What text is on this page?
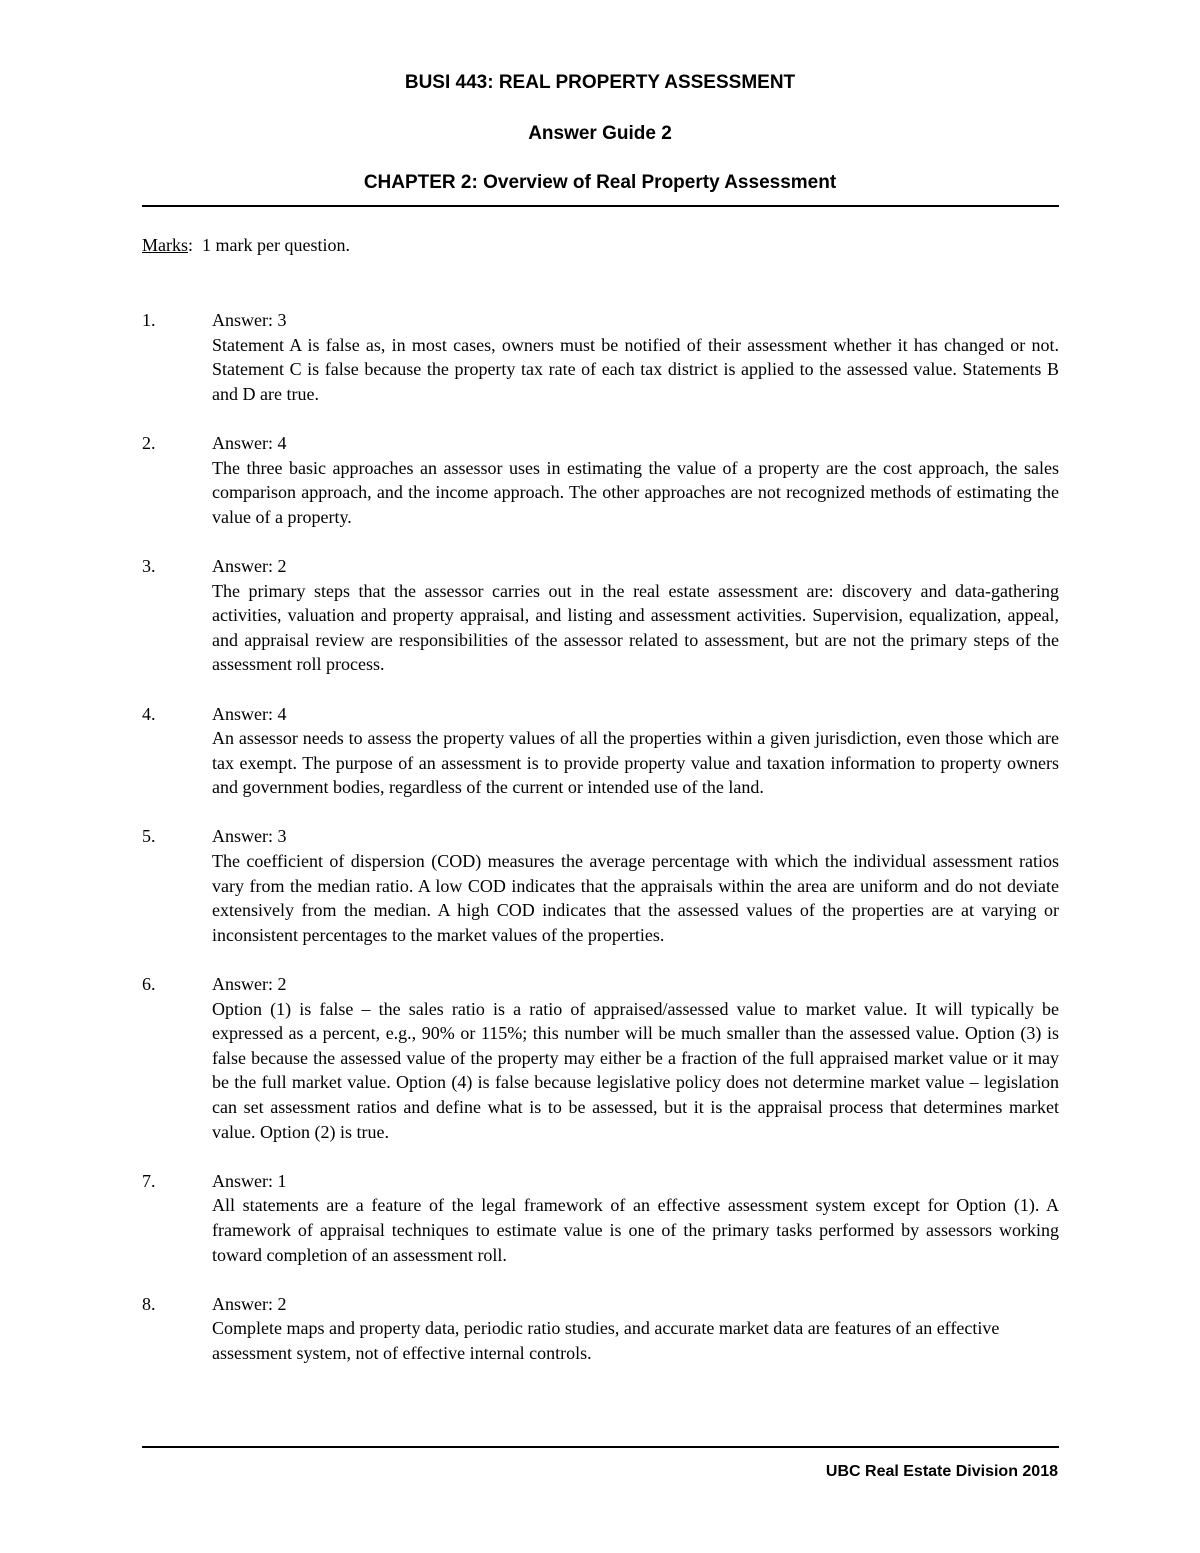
BUSI 443: REAL PROPERTY ASSESSMENT
Answer Guide 2
CHAPTER 2: Overview of Real Property Assessment
Marks:  1 mark per question.
1.	Answer: 3
Statement A is false as, in most cases, owners must be notified of their assessment whether it has changed or not. Statement C is false because the property tax rate of each tax district is applied to the assessed value. Statements B and D are true.
2.	Answer: 4
The three basic approaches an assessor uses in estimating the value of a property are the cost approach, the sales comparison approach, and the income approach. The other approaches are not recognized methods of estimating the value of a property.
3.	Answer: 2
The primary steps that the assessor carries out in the real estate assessment are: discovery and data-gathering activities, valuation and property appraisal, and listing and assessment activities. Supervision, equalization, appeal, and appraisal review are responsibilities of the assessor related to assessment, but are not the primary steps of the assessment roll process.
4.	Answer: 4
An assessor needs to assess the property values of all the properties within a given jurisdiction, even those which are tax exempt. The purpose of an assessment is to provide property value and taxation information to property owners and government bodies, regardless of the current or intended use of the land.
5.	Answer: 3
The coefficient of dispersion (COD) measures the average percentage with which the individual assessment ratios vary from the median ratio. A low COD indicates that the appraisals within the area are uniform and do not deviate extensively from the median. A high COD indicates that the assessed values of the properties are at varying or inconsistent percentages to the market values of the properties.
6.	Answer: 2
Option (1) is false – the sales ratio is a ratio of appraised/assessed value to market value. It will typically be expressed as a percent, e.g., 90% or 115%; this number will be much smaller than the assessed value. Option (3) is false because the assessed value of the property may either be a fraction of the full appraised market value or it may be the full market value. Option (4) is false because legislative policy does not determine market value – legislation can set assessment ratios and define what is to be assessed, but it is the appraisal process that determines market value. Option (2) is true.
7.	Answer: 1
All statements are a feature of the legal framework of an effective assessment system except for Option (1). A framework of appraisal techniques to estimate value is one of the primary tasks performed by assessors working toward completion of an assessment roll.
8.	Answer: 2
Complete maps and property data, periodic ratio studies, and accurate market data are features of an effective assessment system, not of effective internal controls.
UBC Real Estate Division 2018
